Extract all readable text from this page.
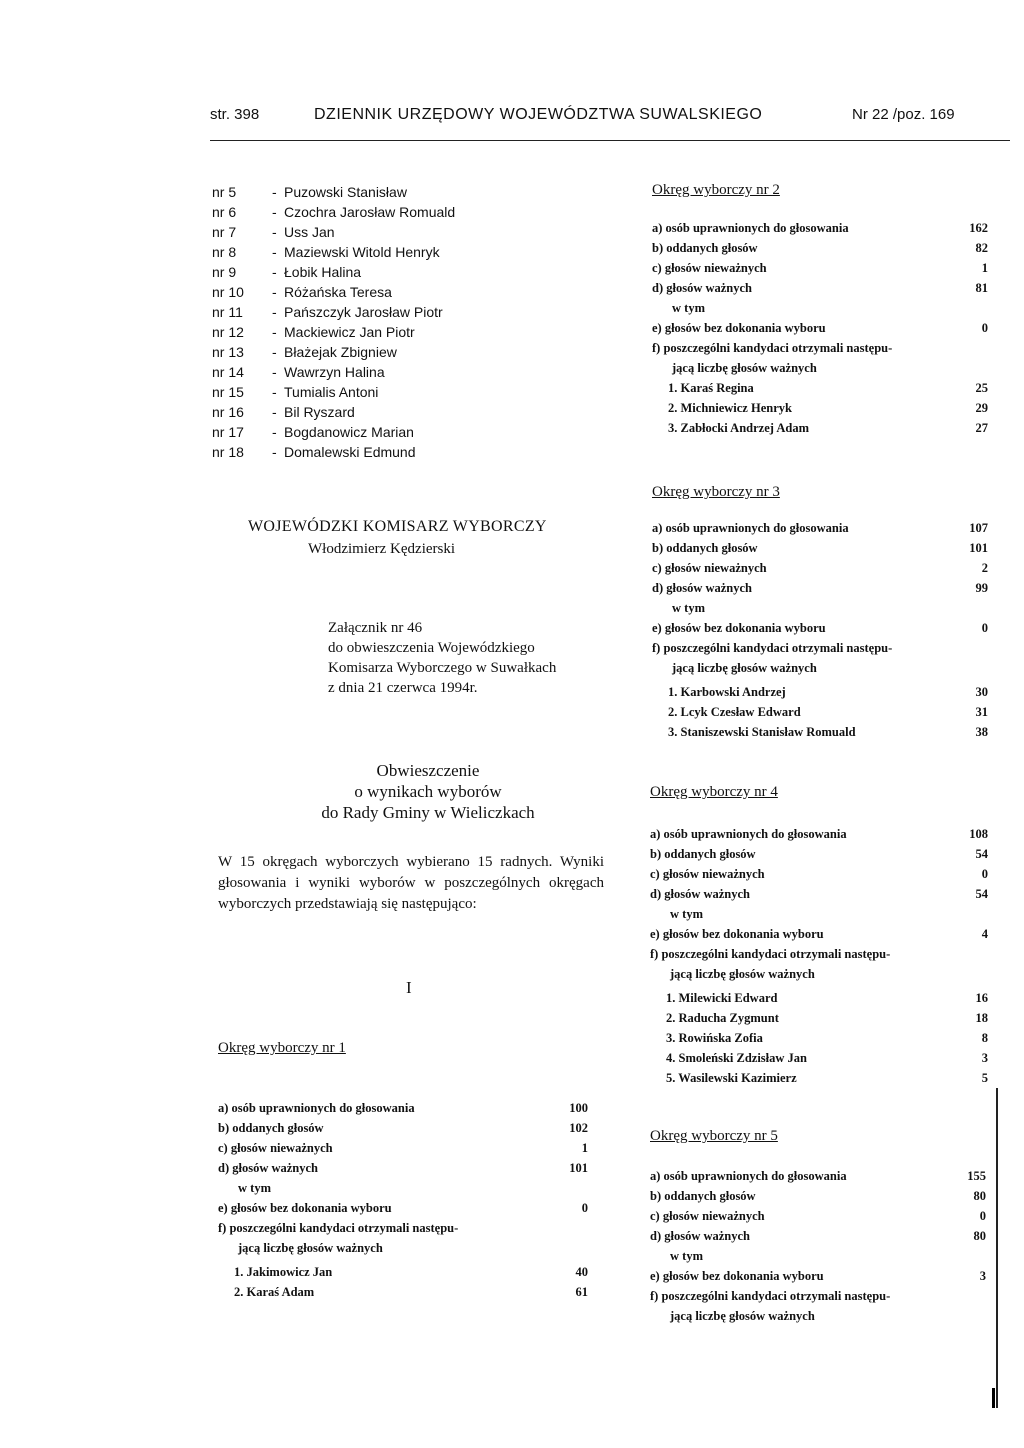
str. 398	DZIENNIK URZĘDOWY WOJEWÓDZTWA SUWALSKIEGO	Nr 22 /poz. 169
nr 5	- Puzowski Stanisław
nr 6	- Czochra Jarosław Romuald
nr 7	- Uss Jan
nr 8	- Maziewski Witold Henryk
nr 9	- Łobik Halina
nr 10 - Różańska Teresa
nr 11 - Pańszczyk Jarosław Piotr
nr 12 - Mackiewicz Jan Piotr
nr 13 - Błażejak Zbigniew
nr 14 - Wawrzyn Halina
nr 15 - Tumialis Antoni
nr 16 - Bil Ryszard
nr 17 - Bogdanowicz Marian
nr 18 - Domalewski Edmund
WOJEWÓDZKI KOMISARZ WYBORCZY
Włodzimierz Kędzierski
Załącznik nr 46
do obwieszczenia Wojewódzkiego
Komisarza Wyborczego w Suwałkach
z dnia 21 czerwca 1994r.
Obwieszczenie
o wynikach wyborów
do Rady Gminy w Wieliczkach
W 15 okręgach wyborczych wybierano 15 radnych. Wyniki głosowania i wyniki wyborów w poszczególnych okręgach wyborczych przedstawiają się następująco:
I
Okręg wyborczy nr 1
a) osób uprawnionych do głosowania	100
b) oddanych głosów	102
c) głosów nieważnych	1
d) głosów ważnych	101
w tym
e) głosów bez dokonania wyboru	0
f) poszczególni kandydaci otrzymali następu-
jącą liczbę głosów ważnych
1. Jakimowicz Jan	40
2. Karaś Adam	61
Okręg wyborczy nr 2
a) osób uprawnionych do głosowania	162
b) oddanych głosów	82
c) głosów nieważnych	1
d) głosów ważnych	81
w tym
e) głosów bez dokonania wyboru	0
f) poszczególni kandydaci otrzymali następu-
jącą liczbę głosów ważnych
1. Karaś Regina	25
2. Michniewicz Henryk	29
3. Zabłocki Andrzej Adam	27
Okręg wyborczy nr 3
a) osób uprawnionych do głosowania	107
b) oddanych głosów	101
c) głosów nieważnych	2
d) głosów ważnych	99
w tym
e) głosów bez dokonania wyboru	0
f) poszczególni kandydaci otrzymali następu-
jącą liczbę głosów ważnych
1. Karbowski Andrzej	30
2. Lcyk Czesław Edward	31
3. Staniszewski Stanisław Romuald	38
Okręg wyborczy nr 4
a) osób uprawnionych do głosowania	108
b) oddanych głosów	54
c) głosów nieważnych	0
d) głosów ważnych	54
w tym
e) głosów bez dokonania wyboru	4
f) poszczególni kandydaci otrzymali następu-
jącą liczbę głosów ważnych
1. Milewicki Edward	16
2. Raducha Zygmunt	18
3. Rowińska Zofia	8
4. Smoleński Zdzisław Jan	3
5. Wasilewski Kazimierz	5
Okręg wyborczy nr 5
a) osób uprawnionych do głosowania	155
b) oddanych głosów	80
c) głosów nieważnych	0
d) głosów ważnych	80
w tym
e) głosów bez dokonania wyboru	3
f) poszczególni kandydaci otrzymali następu-
jącą liczbę głosów ważnych
